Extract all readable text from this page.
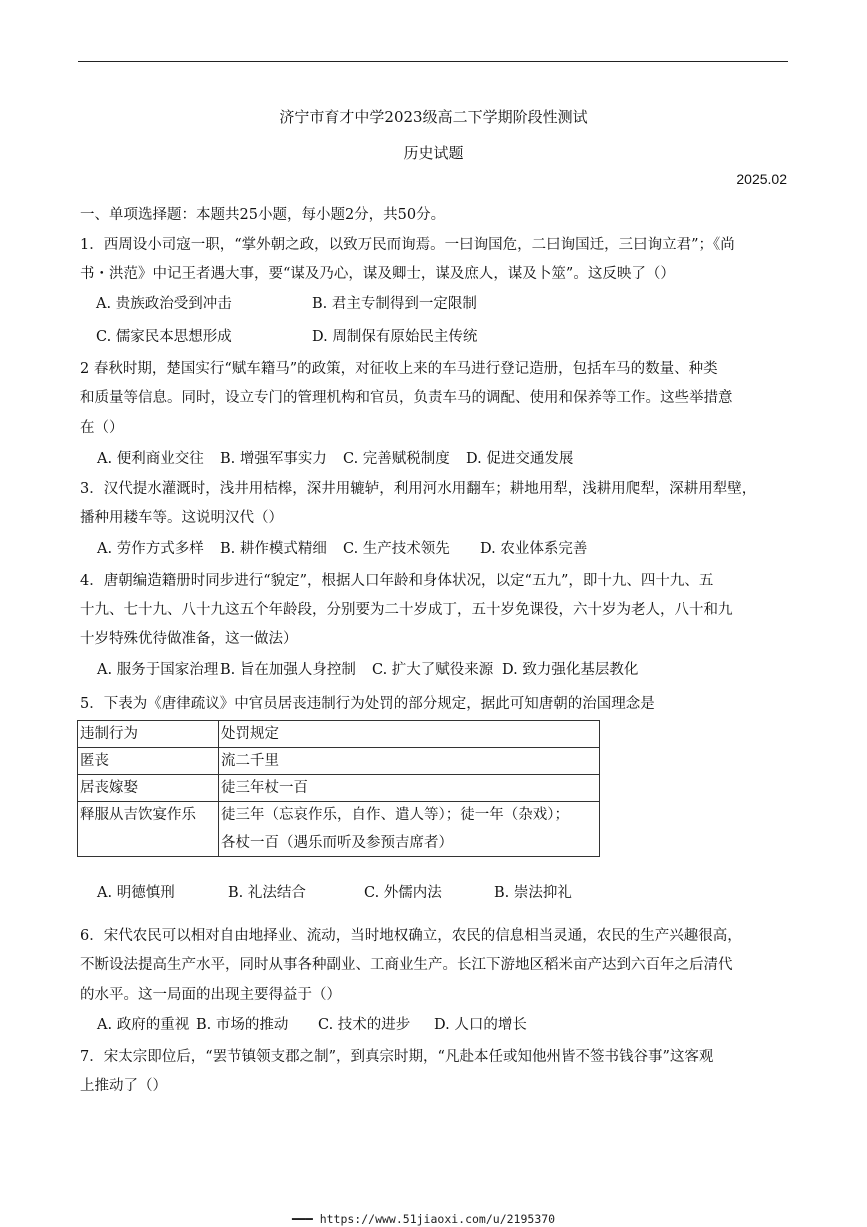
济宁市育才中学2023级高二下学期阶段性测试
历史试题
2025.02
一、单项选择题：本题共25小题，每小题2分，共50分。
1．西周设小司寇一职，“掌外朝之政，以致万民而询焉。一曰询国危，二曰询国迁，三曰询立君”；《尚
书・洪范》中记王者遇大事，要“谋及乃心，谋及卿士，谋及庶人，谋及卜筮”。这反映了（）
A. 贵族政治受到冲击	B. 君主专制得到一定限制
C. 儒家民本思想形成	D. 周制保有原始民主传统
2 春秋时期，楚国实行“赋车籍马”的政策，对征收上来的车马进行登记造册，包括车马的数量、种类
和质量等信息。同时，设立专门的管理机构和官员，负责车马的调配、使用和保养等工作。这些举措意
在（）
A. 便利商业交往 B. 增强军事实力 C. 完善赋税制度 D. 促进交通发展
3．汉代提水灌溉时，浅井用桔槔，深井用辘轳，利用河水用翻车；耕地用犁，浅耕用爬犁，深耕用犁壁，
播种用耧车等。这说明汉代（）
A. 劳作方式多样 B. 耕作模式精细 C. 生产技术领先 D. 农业体系完善
4．唐朝编造籍册时同步进行“貌定”，根据人口年龄和身体状况，以定“五九”，即十九、四十九、五
十九、七十九、八十九这五个年龄段，分别要为二十岁成丁，五十岁免课役，六十岁为老人，八十和九
十岁特殊优待做准备，这一做法）
A. 服务于国家治理 B. 旨在加强人身控制 C. 扩大了赋役来源 D. 致力强化基层教化
5．下表为《唐律疏议》中官员居丧违制行为处罚的部分规定，据此可知唐朝的治国理念是
违制行为	处罚规定
匿丧	流二千里
居丧嫁娶	徒三年杖一百
释服从吉饮宴作乐	徒三年（忘哀作乐，自作、遣人等）；徒一年（杂戏）；
各杖一百（遇乐而听及参预吉席者）
A. 明德慎刑	B. 礼法结合	C. 外儒内法	B. 崇法抑礼
6．宋代农民可以相对自由地择业、流动，当时地权确立，农民的信息相当灵通，农民的生产兴趣很高，
不断设法提高生产水平，同时从事各种副业、工商业生产。长江下游地区稻米亩产达到六百年之后清代
的水平。这一局面的出现主要得益于（）
A. 政府的重视 B. 市场的推动 C. 技术的进步 D. 人口的增长
7．宋太宗即位后，“罢节镇领支郡之制”，到真宗时期，“凡赴本任或知他州皆不签书钱谷事”这客观
上推动了（）
━━━ https://www.51jiaoxi.com/u/2195370
